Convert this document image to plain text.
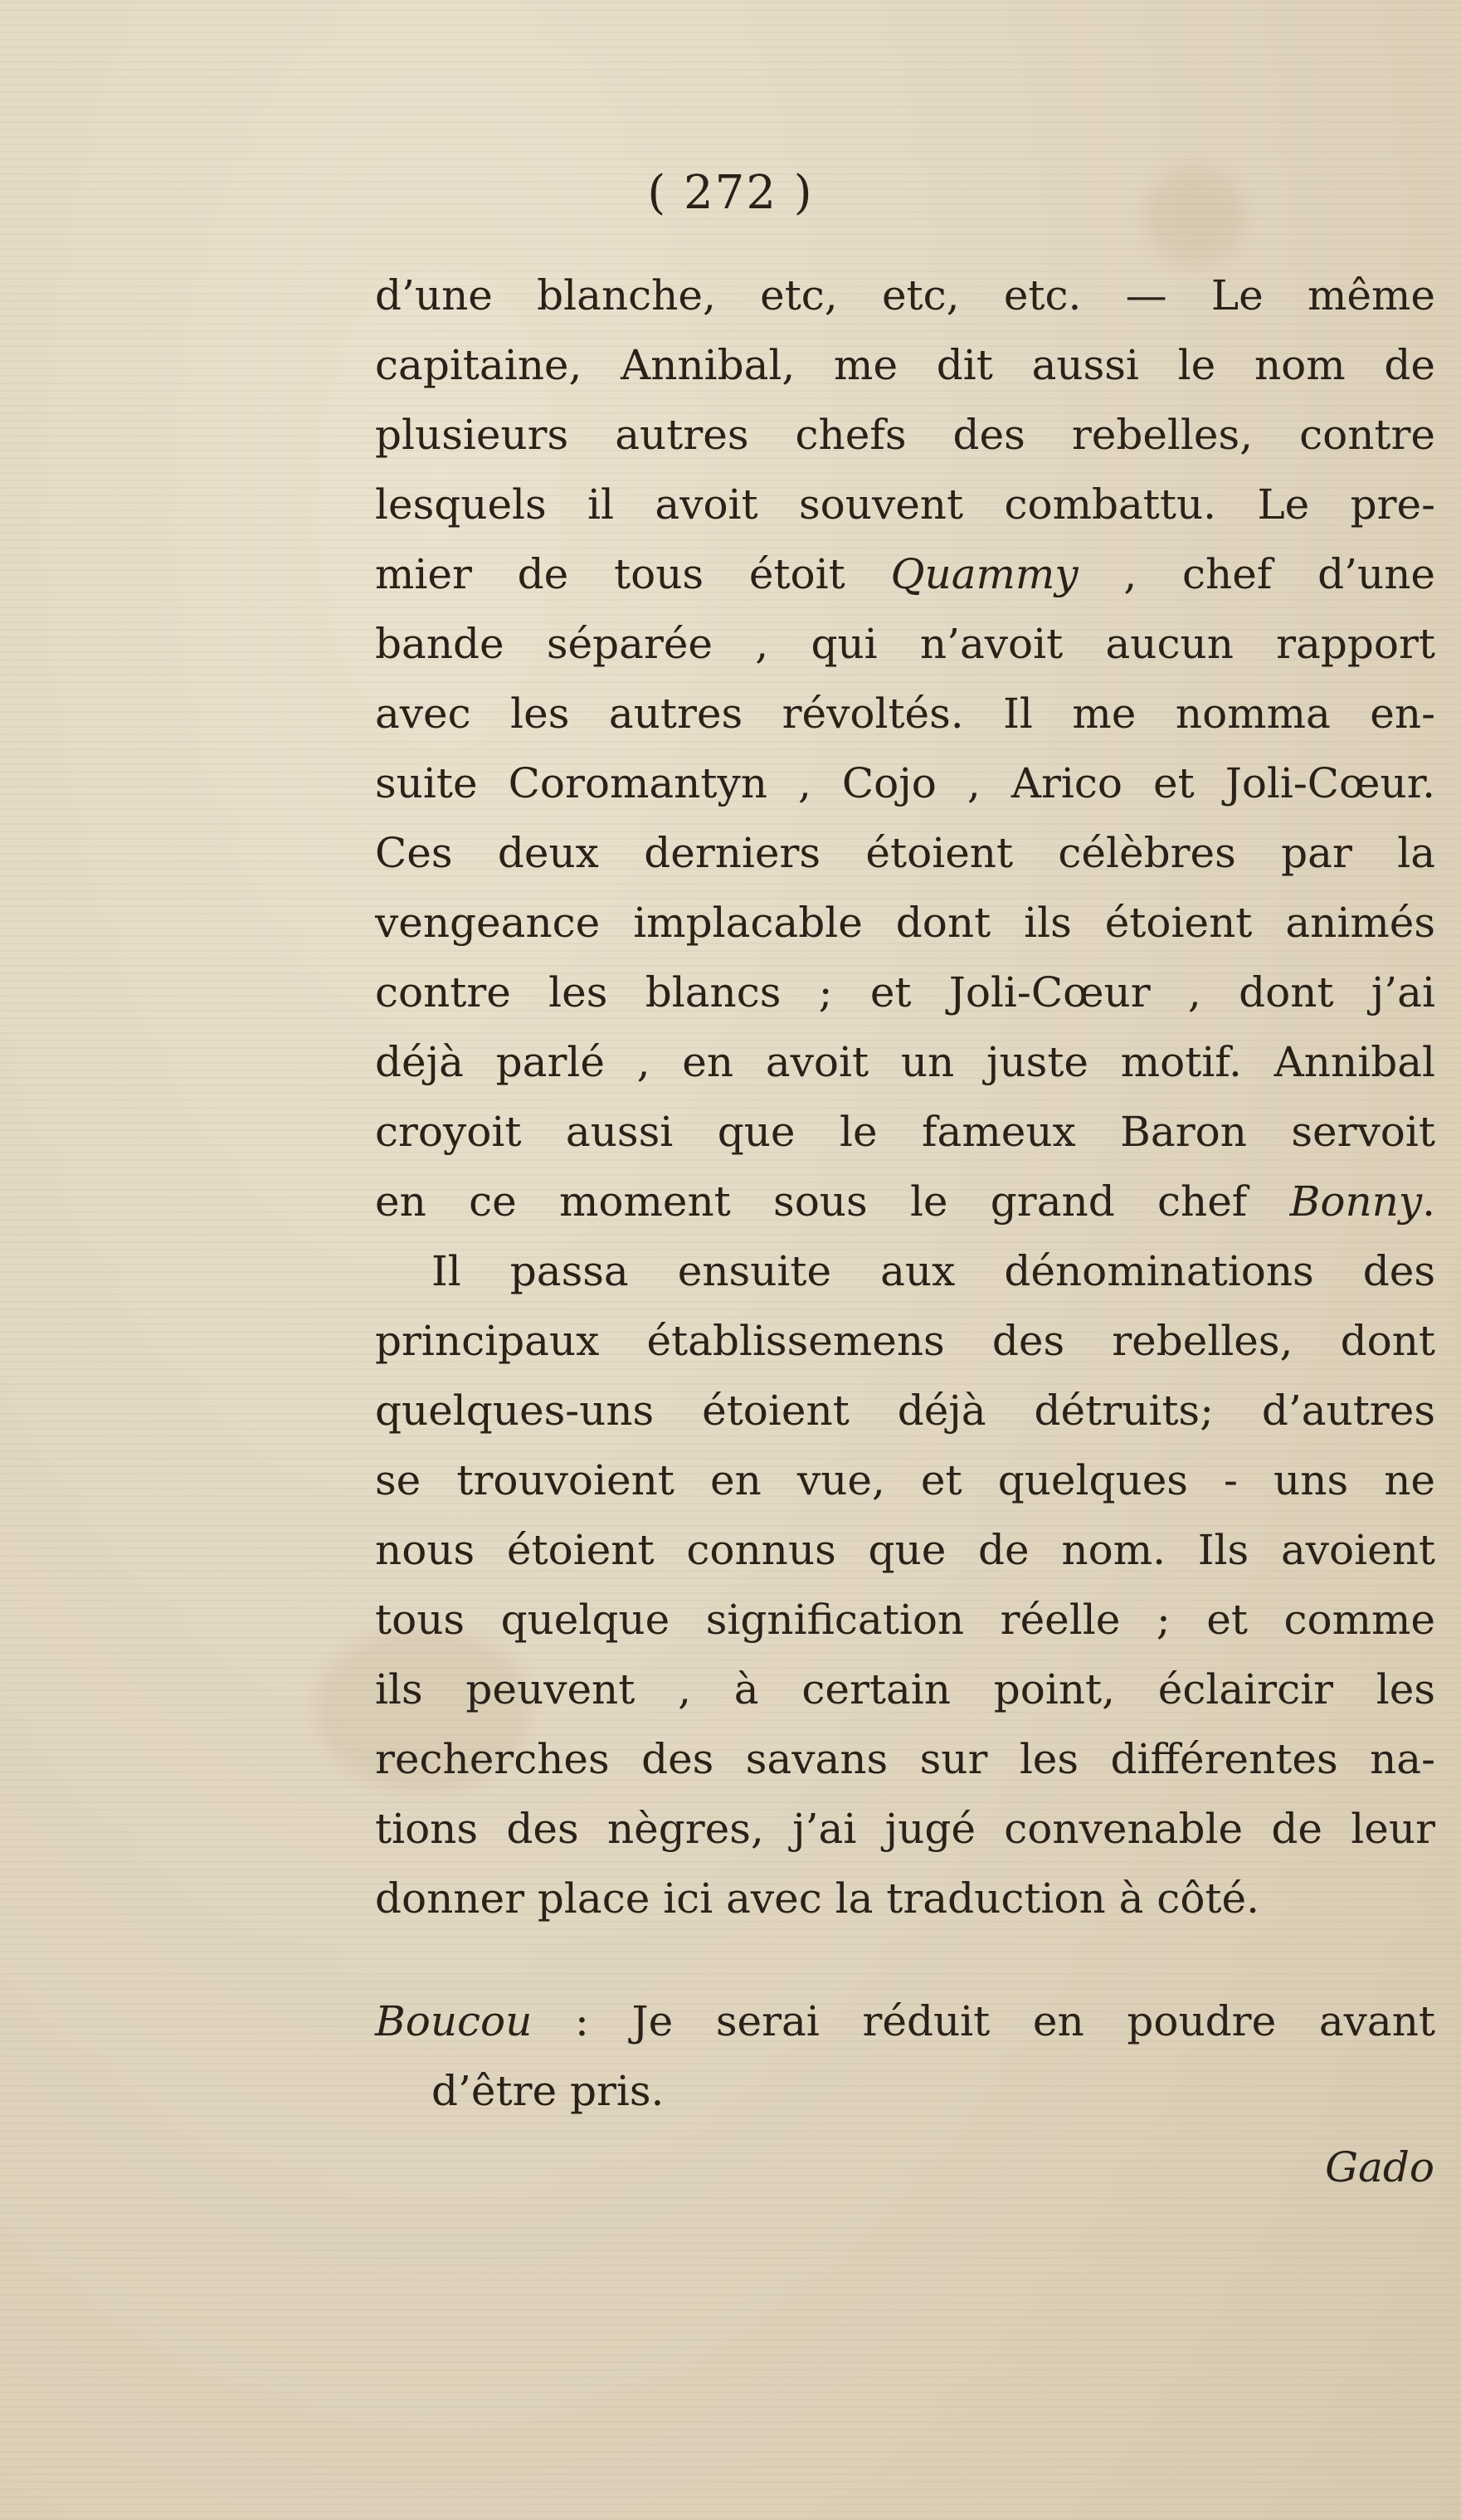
( 272 )
d’une blanche, etc, etc, etc. — Le même
capitaine, Annibal, me dit aussi le nom de
plusieurs autres chefs des rebelles, contre
lesquels il avoit souvent combattu. Le pre-
mier de tous étoit Quammy , chef d’une
bande séparée , qui n’avoit aucun rapport
avec les autres révoltés. Il me nomma en-
suite Coromantyn , Cojo , Arico et Joli-Cœur.
Ces deux derniers étoient célèbres par la
vengeance implacable dont ils étoient animés
contre les blancs ; et Joli-Cœur , dont j’ai
déjà parlé , en avoit un juste motif. Annibal
croyoit aussi que le fameux Baron servoit
en ce moment sous le grand chef Bonny.
Il passa ensuite aux dénominations des
principaux établissemens des rebelles, dont
quelques-uns étoient déjà détruits; d’autres
se trouvoient en vue, et quelques - uns ne
nous étoient connus que de nom. Ils avoient
tous quelque signification réelle ; et comme
ils peuvent , à certain point, éclaircir les
recherches des savans sur les différentes na-
tions des nègres, j’ai jugé convenable de leur
donner place ici avec la traduction à côté.
Boucou : Je serai réduit en poudre avant
d’être pris.
Gado
